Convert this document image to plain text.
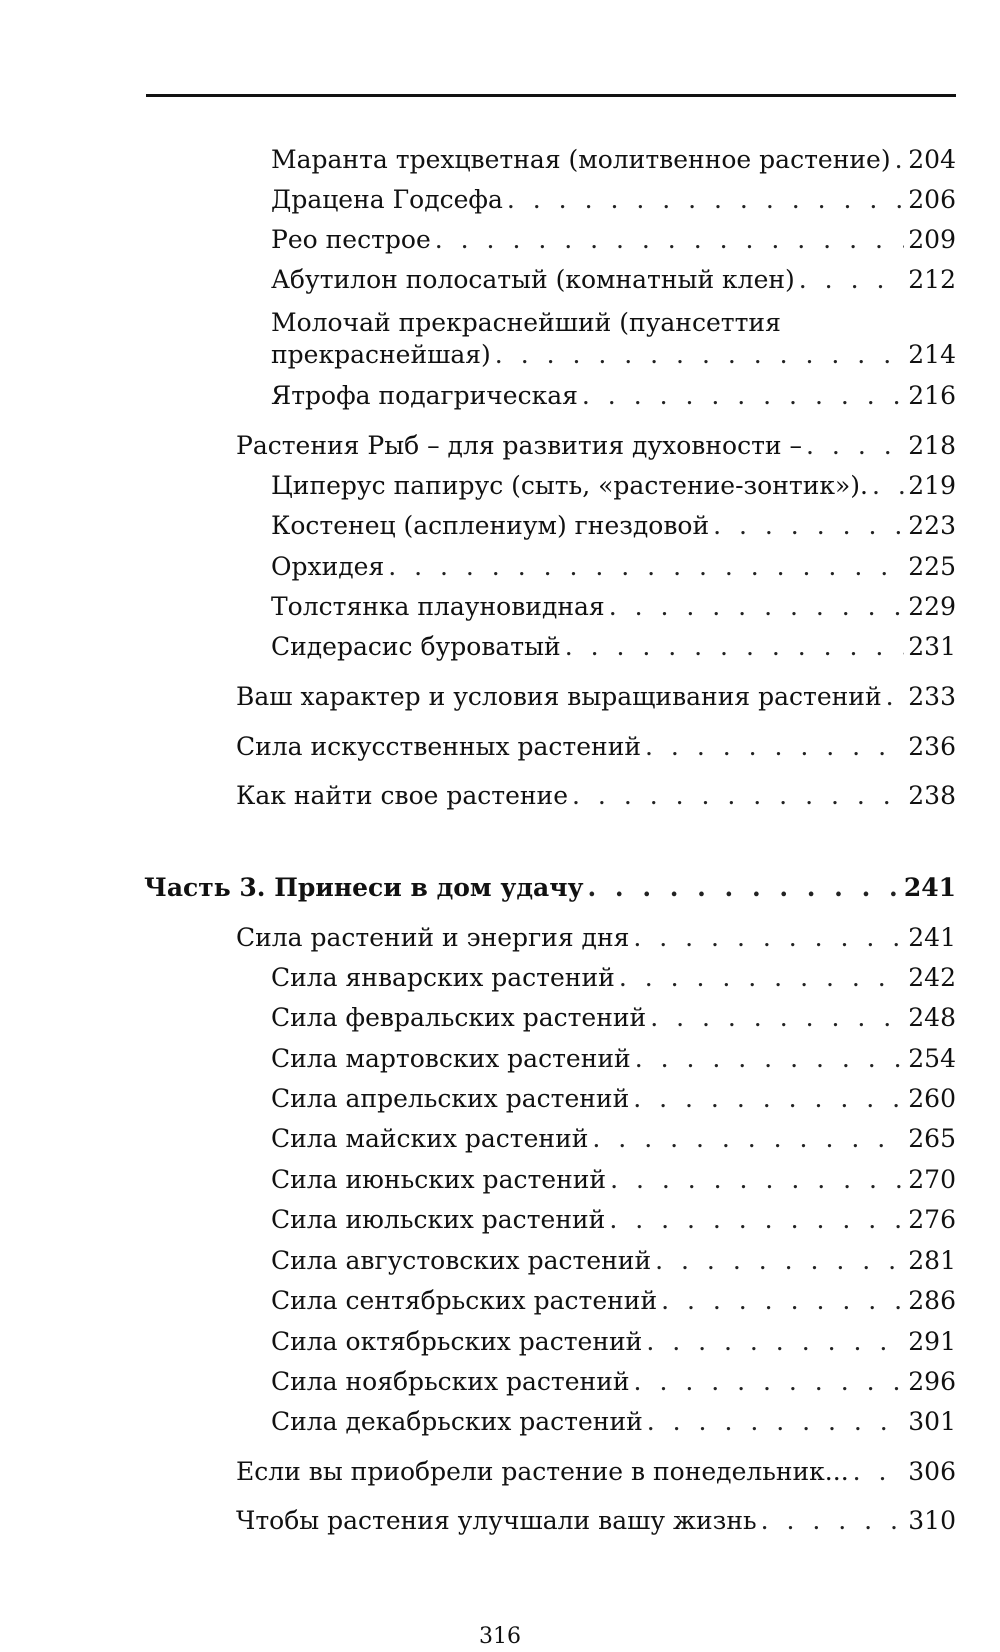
Маранта трехцветная (молитвенное растение) . . . 204
Драцена Годсефа . . .	206
Рео пестрое . . .	209
Абутилон полосатый (комнатный клен) . . .	212
Молочай прекраснейший (пуансеттия
прекраснейшая) . . .	214
Ятрофа подагрическая . . .	216
Растения Рыб – для развития духовности – . . .	218
Циперус папирус (сыть, «растение-зонтик»). . . . 219
Костенец (асплениум) гнездовой . . .	223
Орхидея . . .	225
Толстянка плауновидная . . .	229
Сидерасис буроватый . . .	231
Ваш характер и условия выращивания растений . . . 233
Сила искусственных растений . . .	236
Как найти свое растение . . .	238
Часть 3. Принеси в дом удачу . . .	241
Сила растений и энергия дня . . .	241
Сила январских растений . . .	242
Сила февральских растений . . .	248
Сила мартовских растений . . .	254
Сила апрельских растений . . .	260
Сила майских растений . . .	265
Сила июньских растений . . .	270
Сила июльских растений . . .	276
Сила августовских растений . . .	281
Сила сентябрьских растений . . .	286
Сила октябрьских растений . . .	291
Сила ноябрьских растений . . .	296
Сила декабрьских растений . . .	301
Если вы приобрели растение в понедельник... . . . 306
Чтобы растения улучшали вашу жизнь . . .	310
316
